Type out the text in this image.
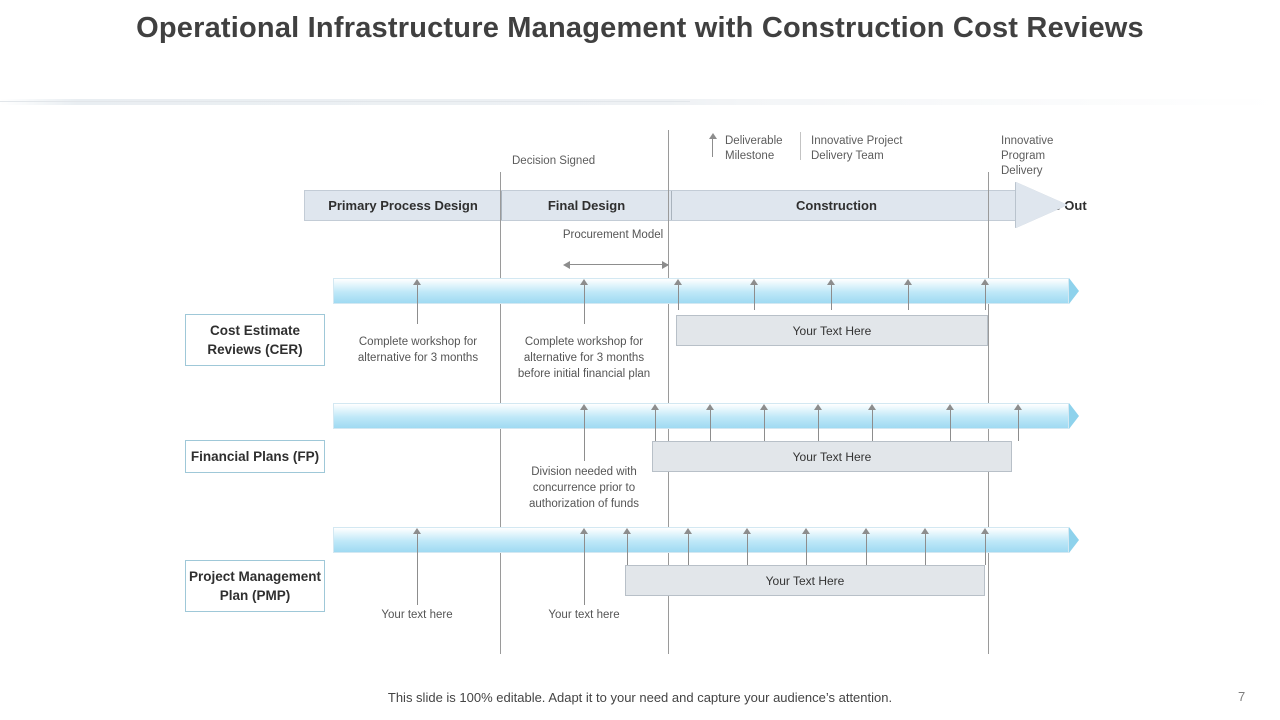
Operational Infrastructure Management with Construction Cost Reviews
Decision Signed
Deliverable Milestone
Innovative Project Delivery Team
Innovative Program Delivery
Primary Process Design	Final Design	Construction	Close Out
Procurement Model
Cost Estimate Reviews (CER)
Your Text Here
Complete workshop for alternative for 3 months
Complete workshop for alternative for 3 months before initial financial plan
Financial Plans (FP)	Your Text Here
Division needed with concurrence prior to authorization of funds
Project Management Plan (PMP)
Your Text Here
Your text here	Your text here
This slide is 100% editable. Adapt it to your need and capture your audience’s attention.	7
